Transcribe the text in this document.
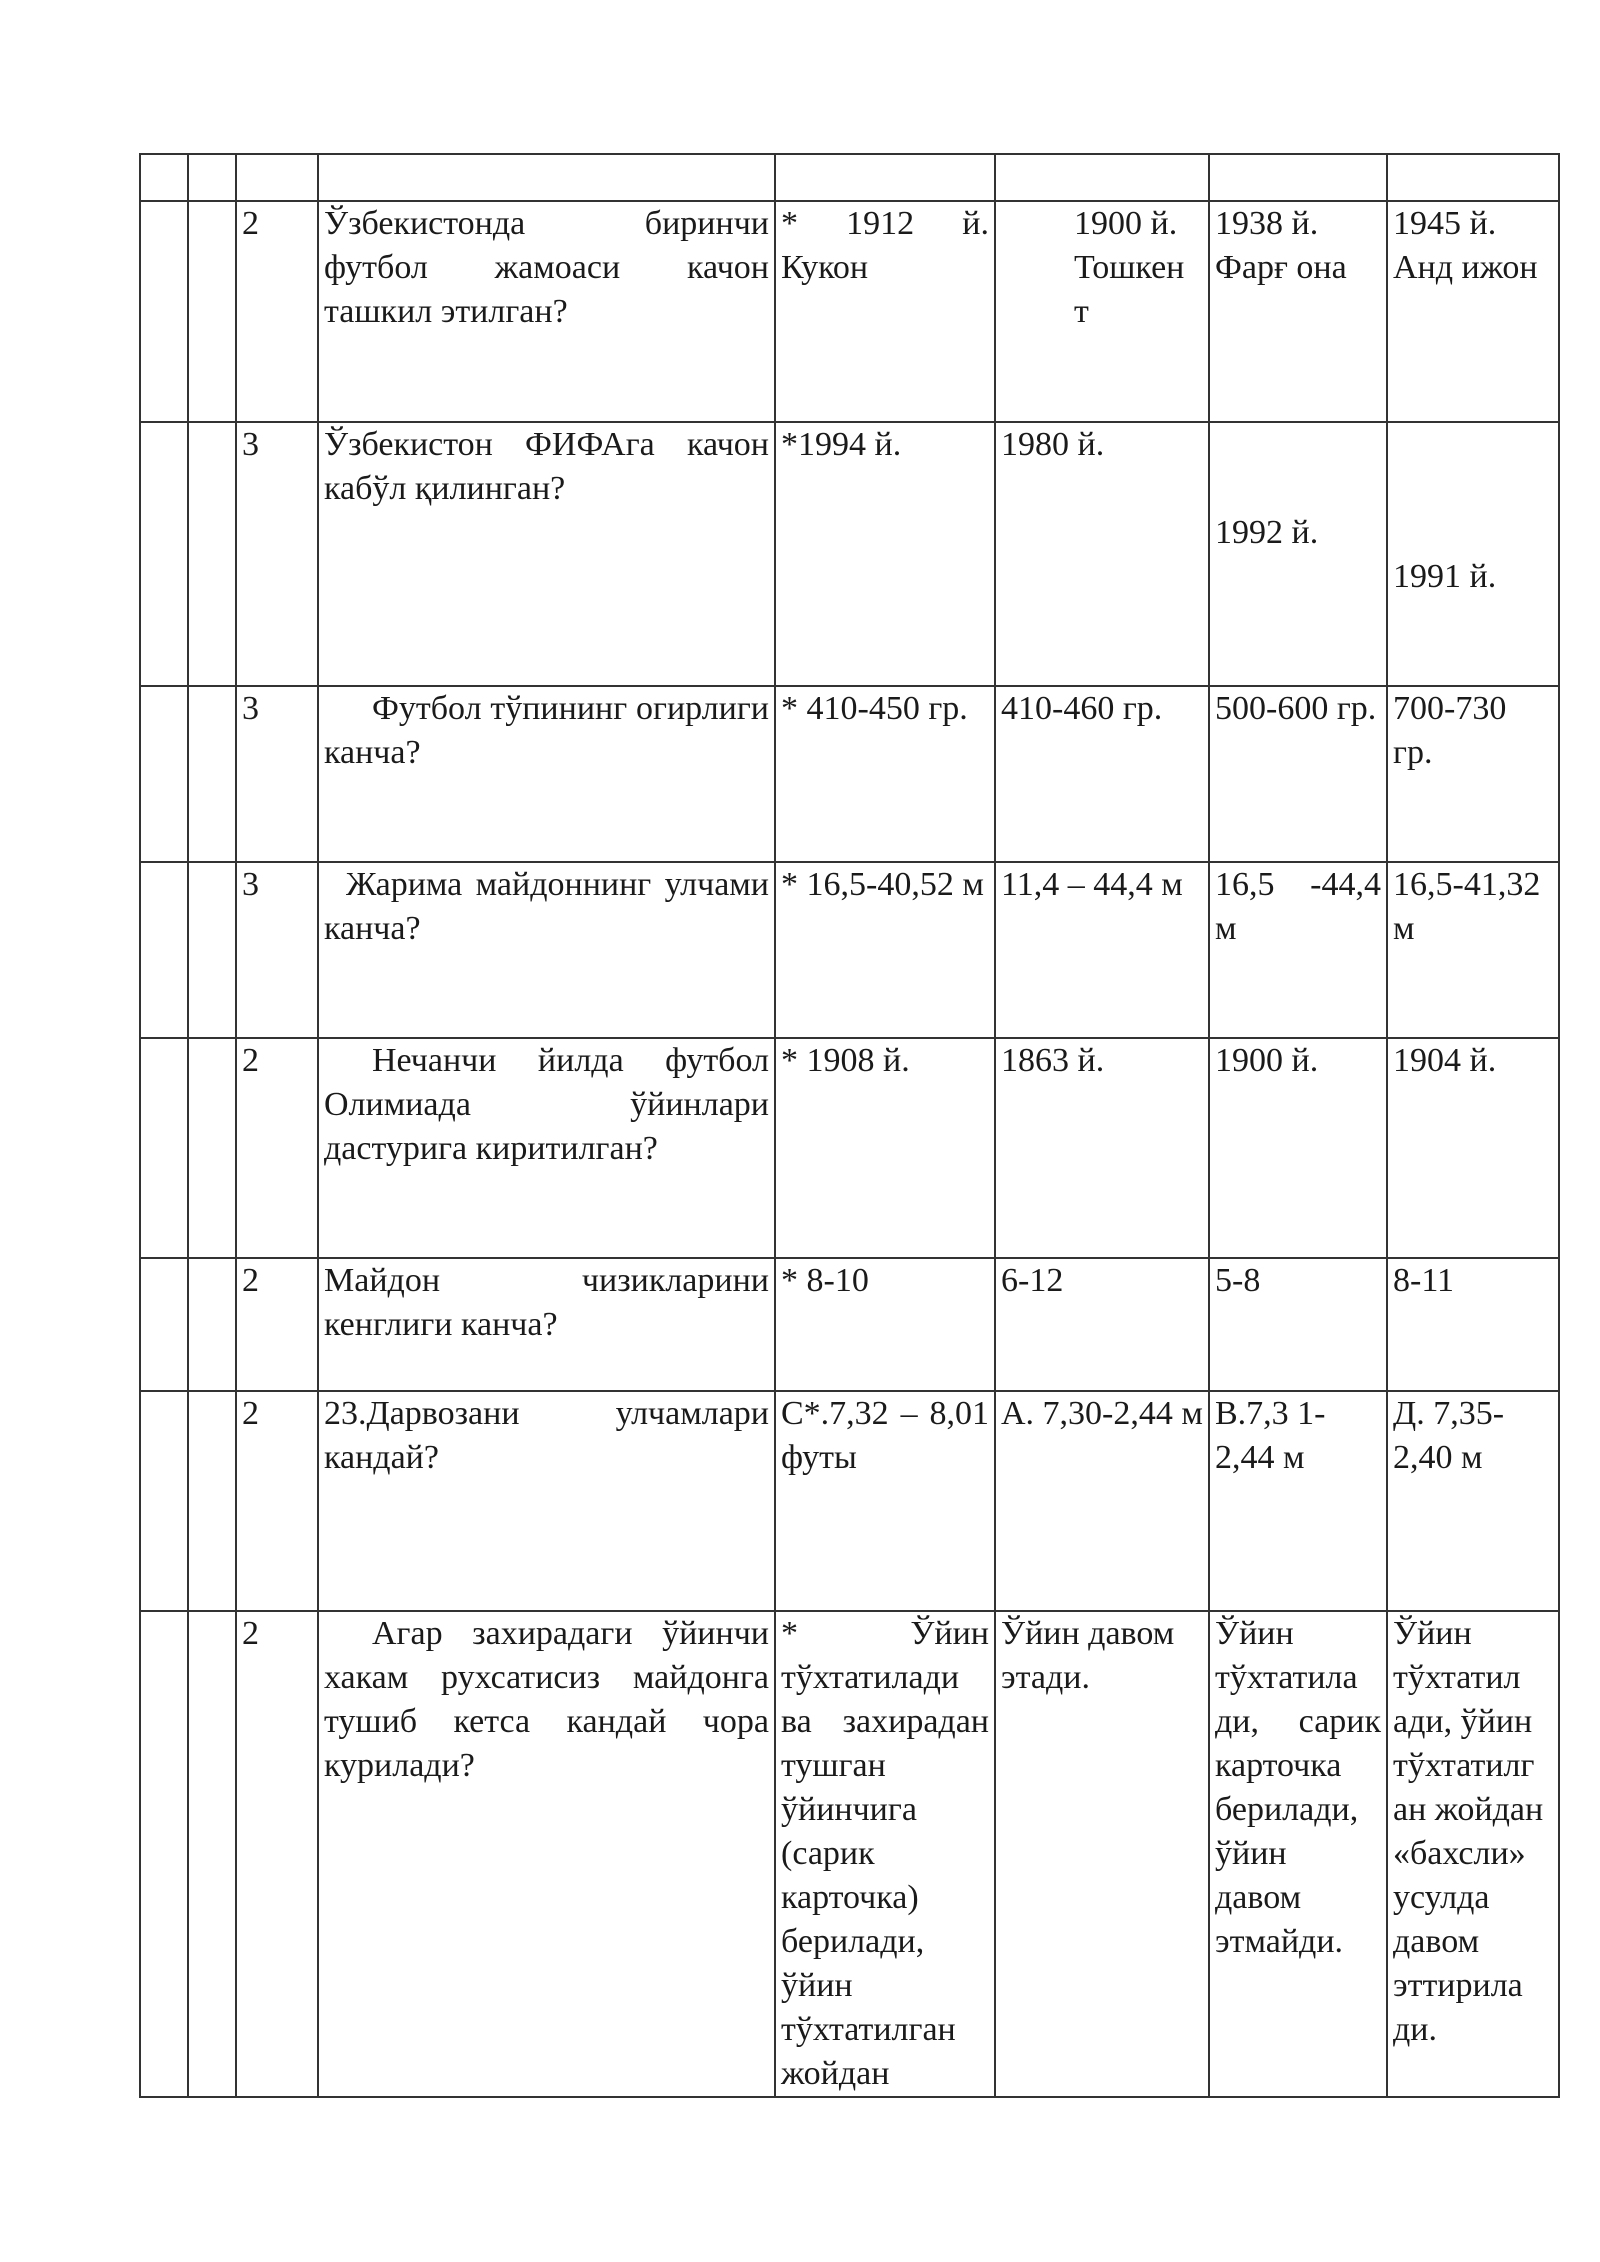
		2	Ўзбекистонда биринчи футбол жамоаси качон ташкил этилган?	* 1912 й. Кукон	1900 й. Тошкен т	1938 й. Фарғ она	1945 й. Анд ижон
		3	Ўзбекистон ФИФАга качон кабўл қилинган?	*1994 й.	1980 й.	1992 й.	1991 й.
		3	Футбол тўпининг огирлиги канча?	* 410-450 гр.	410-460 гр.	500-600 гр.	700-730 гр.
		3	Жарима майдоннинг улчами канча?	* 16,5-40,52 м	11,4 – 44,4 м	16,5 -44,4 м	16,5-41,32 м
		2	Нечанчи йилда футбол Олимиада ўйинлари дастурига киритилган?	* 1908 й.	1863 й.	1900 й.	1904 й.
		2	Майдон чизикларини кенглиги канча?	* 8-10	6-12	5-8	8-11
		2	23.Дарвозани улчамлари кандай?	C*.7,32 – 8,01 футы	А. 7,30-2,44 м	В.7,3 1-2,44 м	Д. 7,35-2,40 м
		2	Агар захирадаги ўйинчи хакам рухсатисиз майдонга тушиб кетса кандай чора курилади?	* Ўйин тўхтатилади ва захирадан тушган ўйинчига (сарик карточка) берилади, ўйин тўхтатилган жойдан	Ўйин давом этади.	Ўйин тўхтатила ди, сарик карточка берилади, ўйин давом этмайди.	Ўйин тўхтатил ади, ўйин тўхтатилг ан жойдан «бахсли» усулда давом эттирила ди.
